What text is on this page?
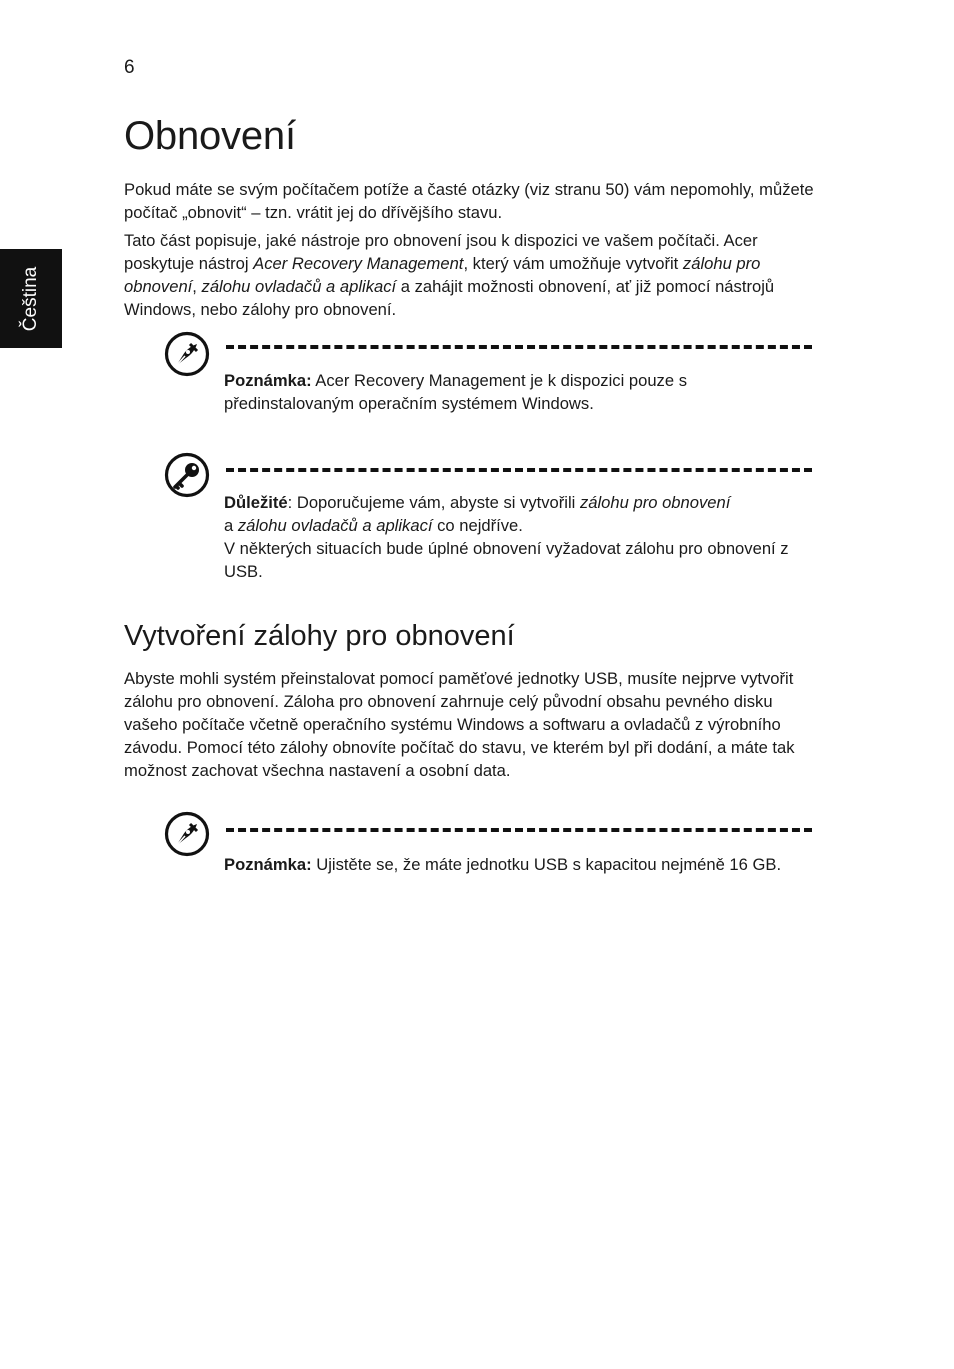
6
Čeština
Obnovení

Pokud máte se svým počítačem potíže a časté otázky (viz stranu 50) vám nepomohly, můžete počítač „obnovit“ – tzn. vrátit jej do dřívějšího stavu.

Tato část popisuje, jaké nástroje pro obnovení jsou k dispozici ve vašem počítači. Acer poskytuje nástroj Acer Recovery Management, který vám umožňuje vytvořit zálohu pro obnovení, zálohu ovladačů a aplikací a zahájit možnosti obnovení, ať již pomocí nástrojů Windows, nebo zálohy pro obnovení.

Poznámka: Acer Recovery Management je k dispozici pouze s předinstalovaným operačním systémem Windows.

Důležité: Doporučujeme vám, abyste si vytvořili zálohu pro obnovení
a zálohu ovladačů a aplikací co nejdříve.
V některých situacích bude úplné obnovení vyžadovat zálohu pro obnovení z USB.

Vytvoření zálohy pro obnovení

Abyste mohli systém přeinstalovat pomocí paměťové jednotky USB, musíte nejprve vytvořit zálohu pro obnovení. Záloha pro obnovení zahrnuje celý původní obsahu pevného disku vašeho počítače včetně operačního systému Windows a softwaru a ovladačů z výrobního závodu. Pomocí této zálohy obnovíte počítač do stavu, ve kterém byl při dodání, a máte tak možnost zachovat všechna nastavení a osobní data.

Poznámka: Ujistěte se, že máte jednotku USB s kapacitou nejméně 16 GB.
